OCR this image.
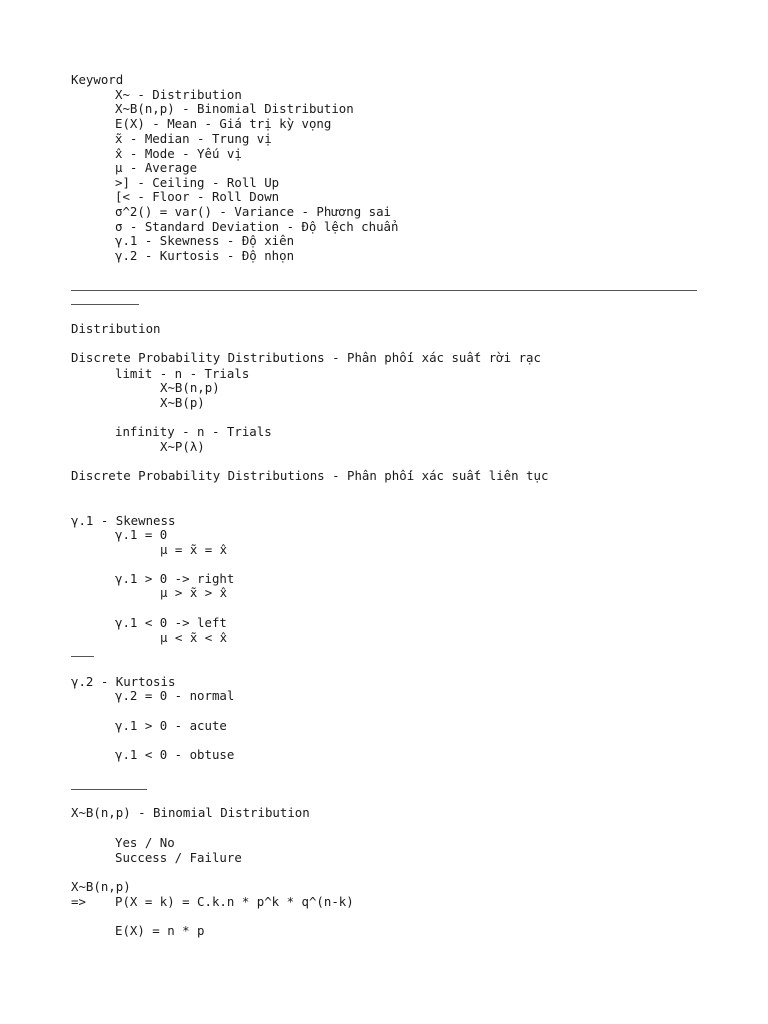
Keyword
X~ - Distribution
X~B(n,p) - Binomial Distribution
E(X) - Mean - Giá trị kỳ vọng
x̃ - Median - Trung vị
x̂ - Mode - Yếu vị
μ - Average
>] - Ceiling - Roll Up
[< - Floor - Roll Down
σ^2() = var() - Variance - Phương sai
σ - Standard Deviation - Độ lệch chuẩn
γ.1 - Skewness - Độ xiên
γ.2 - Kurtosis - Độ nhọn
Distribution
Discrete Probability Distributions - Phân phối xác suất rời rạc
limit - n - Trials
X~B(n,p)
X~B(p)
infinity - n - Trials
X~P(λ)
Discrete Probability Distributions - Phân phối xác suất liên tục
γ.1 - Skewness
γ.1 = 0
μ = x̃ = x̂
γ.1 > 0 -> right
μ > x̃ > x̂
γ.1 < 0 -> left
μ < x̃ < x̂
γ.2 - Kurtosis
γ.2 = 0 - normal
γ.1 > 0 - acute
γ.1 < 0 - obtuse
X~B(n,p) - Binomial Distribution
Yes / No
Success / Failure
X~B(n,p)
=> P(X = k) = C.k.n * p^k * q^(n-k)
E(X) = n * p
